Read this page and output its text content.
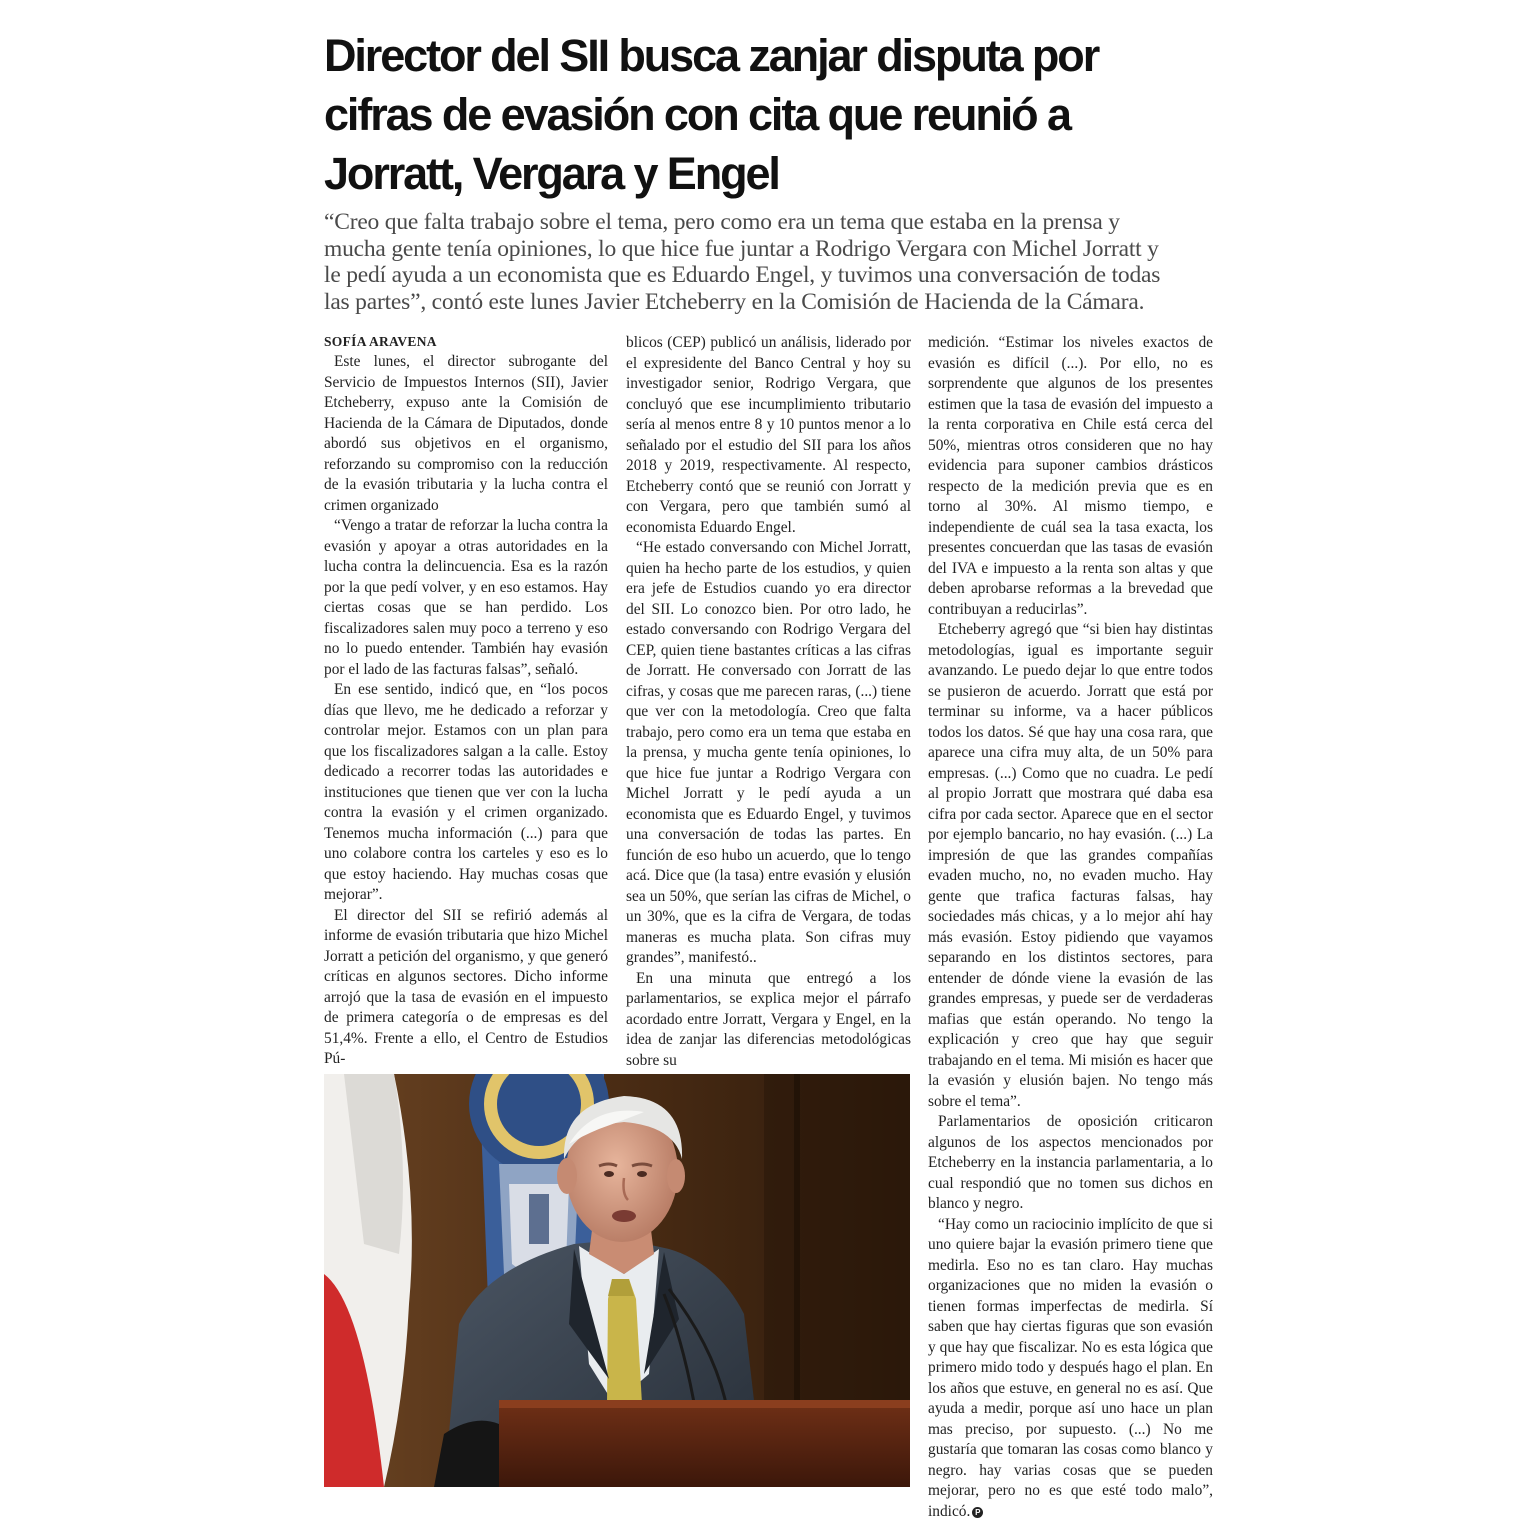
Director del SII busca zanjar disputa por
cifras de evasión con cita que reunió a
Jorratt, Vergara y Engel
“Creo que falta trabajo sobre el tema, pero como era un tema que estaba en la prensa y
mucha gente tenía opiniones, lo que hice fue juntar a Rodrigo Vergara con Michel Jorratt y
le pedí ayuda a un economista que es Eduardo Engel, y tuvimos una conversación de todas
las partes”, contó este lunes Javier Etcheberry en la Comisión de Hacienda de la Cámara.

SOFÍA ARAVENA

Este lunes, el director subrogante del Servicio de Impuestos Internos (SII), Javier Etcheberry, expuso ante la Comisión de Hacienda de la Cámara de Diputados, donde abordó sus objetivos en el organismo, reforzando su compromiso con la reducción de la evasión tributaria y la lucha contra el crimen organizado

“Vengo a tratar de reforzar la lucha contra la evasión y apoyar a otras autoridades en la lucha contra la delincuencia. Esa es la razón por la que pedí volver, y en eso estamos. Hay ciertas cosas que se han perdido. Los fiscalizadores salen muy poco a terreno y eso no lo puedo entender. También hay evasión por el lado de las facturas falsas”, señaló.

En ese sentido, indicó que, en “los pocos días que llevo, me he dedicado a reforzar y controlar mejor. Estamos con un plan para que los fiscalizadores salgan a la calle. Estoy dedicado a recorrer todas las autoridades e instituciones que tienen que ver con la lucha contra la evasión y el crimen organizado. Tenemos mucha información (...) para que uno colabore contra los carteles y eso es lo que estoy haciendo. Hay muchas cosas que mejorar”.

El director del SII se refirió además al informe de evasión tributaria que hizo Michel Jorratt a petición del organismo, y que generó críticas en algunos sectores. Dicho informe arrojó que la tasa de evasión en el impuesto de primera categoría o de empresas es del 51,4%. Frente a ello, el Centro de Estudios Pú-

blicos (CEP) publicó un análisis, liderado por el expresidente del Banco Central y hoy su investigador senior, Rodrigo Vergara, que concluyó que ese incumplimiento tributario sería al menos entre 8 y 10 puntos menor a lo señalado por el estudio del SII para los años 2018 y 2019, respectivamente. Al respecto, Etcheberry contó que se reunió con Jorratt y con Vergara, pero que también sumó al economista Eduardo Engel.

“He estado conversando con Michel Jorratt, quien ha hecho parte de los estudios, y quien era jefe de Estudios cuando yo era director del SII. Lo conozco bien. Por otro lado, he estado conversando con Rodrigo Vergara del CEP, quien tiene bastantes críticas a las cifras de Jorratt. He conversado con Jorratt de las cifras, y cosas que me parecen raras, (...) tiene que ver con la metodología. Creo que falta trabajo, pero como era un tema que estaba en la prensa, y mucha gente tenía opiniones, lo que hice fue juntar a Rodrigo Vergara con Michel Jorratt y le pedí ayuda a un economista que es Eduardo Engel, y tuvimos una conversación de todas las partes. En función de eso hubo un acuerdo, que lo tengo acá. Dice que (la tasa) entre evasión y elusión sea un 50%, que serían las cifras de Michel, o un 30%, que es la cifra de Vergara, de todas maneras es mucha plata. Son cifras muy grandes”, manifestó..

En una minuta que entregó a los parlamentarios, se explica mejor el párrafo acordado entre Jorratt, Vergara y Engel, en la idea de zanjar las diferencias metodológicas sobre su

medición. “Estimar los niveles exactos de evasión es difícil (...). Por ello, no es sorprendente que algunos de los presentes estimen que la tasa de evasión del impuesto a la renta corporativa en Chile está cerca del 50%, mientras otros consideren que no hay evidencia para suponer cambios drásticos respecto de la medición previa que es en torno al 30%. Al mismo tiempo, e independiente de cuál sea la tasa exacta, los presentes concuerdan que las tasas de evasión del IVA e impuesto a la renta son altas y que deben aprobarse reformas a la brevedad que contribuyan a reducirlas”.

Etcheberry agregó que “si bien hay distintas metodologías, igual es importante seguir avanzando. Le puedo dejar lo que entre todos se pusieron de acuerdo. Jorratt que está por terminar su informe, va a hacer públicos todos los datos. Sé que hay una cosa rara, que aparece una cifra muy alta, de un 50% para empresas. (...) Como que no cuadra. Le pedí al propio Jorratt que mostrara qué daba esa cifra por cada sector. Aparece que en el sector por ejemplo bancario, no hay evasión. (...) La impresión de que las grandes compañías evaden mucho, no, no evaden mucho. Hay gente que trafica facturas falsas, hay sociedades más chicas, y a lo mejor ahí hay más evasión. Estoy pidiendo que vayamos separando en los distintos sectores, para entender de dónde viene la evasión de las grandes empresas, y puede ser de verdaderas mafias que están operando. No tengo la explicación y creo que hay que seguir trabajando en el tema. Mi misión es hacer que la evasión y elusión bajen. No tengo más sobre el tema”.

Parlamentarios de oposición criticaron algunos de los aspectos mencionados por Etcheberry en la instancia parlamentaria, a lo cual respondió que no tomen sus dichos en blanco y negro.

“Hay como un raciocinio implícito de que si uno quiere bajar la evasión primero tiene que medirla. Eso no es tan claro. Hay muchas organizaciones que no miden la evasión o tienen formas imperfectas de medirla. Sí saben que hay ciertas figuras que son evasión y que hay que fiscalizar. No es esta lógica que primero mido todo y después hago el plan. En los años que estuve, en general no es así. Que ayuda a medir, porque así uno hace un plan mas preciso, por supuesto. (...) No me gustaría que tomaran las cosas como blanco y negro. hay varias cosas que se pueden mejorar, pero no es que esté todo malo”, indicó. P
